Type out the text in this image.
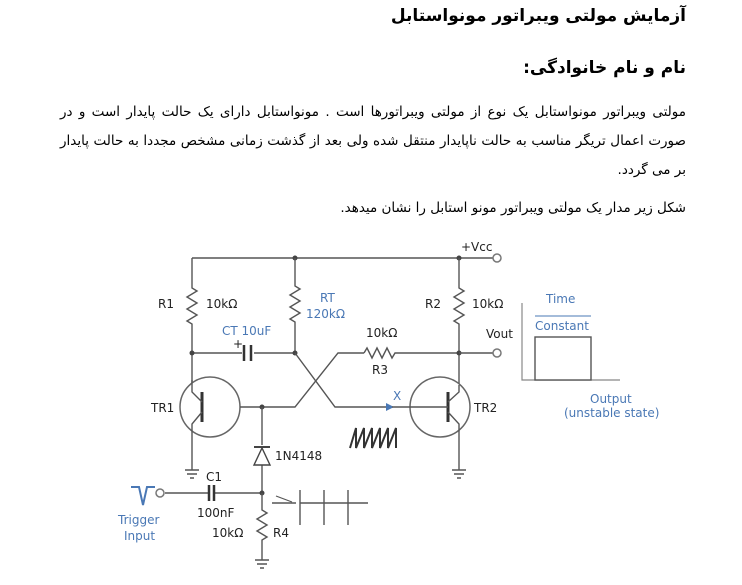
آزمایش مولتی ویبراتور مونواستابل
نام و نام خانوادگی:
مولتی ویبراتور مونواستابل یک نوع از مولتی ویبراتورها است . مونواستابل دارای یک حالت پایدار است و در صورت اعمال تریگر مناسب به حالت ناپایدار منتقل شده ولی بعد از گذشت زمانی مشخص مجددا به حالت پایدار بر می گردد.
شکل زیر مدار یک مولتی ویبراتور مونو استابل را نشان میدهد.
+Vcc
R1	10kΩ	RT
120kΩ
R2	10kΩ
CT 10uF
+
X
10kΩ
R3
Vout
TR1	TR2
1N4148
C1
100nF
Trigger
Input	10kΩ R4
Time
Constant
Output
(unstable state)
